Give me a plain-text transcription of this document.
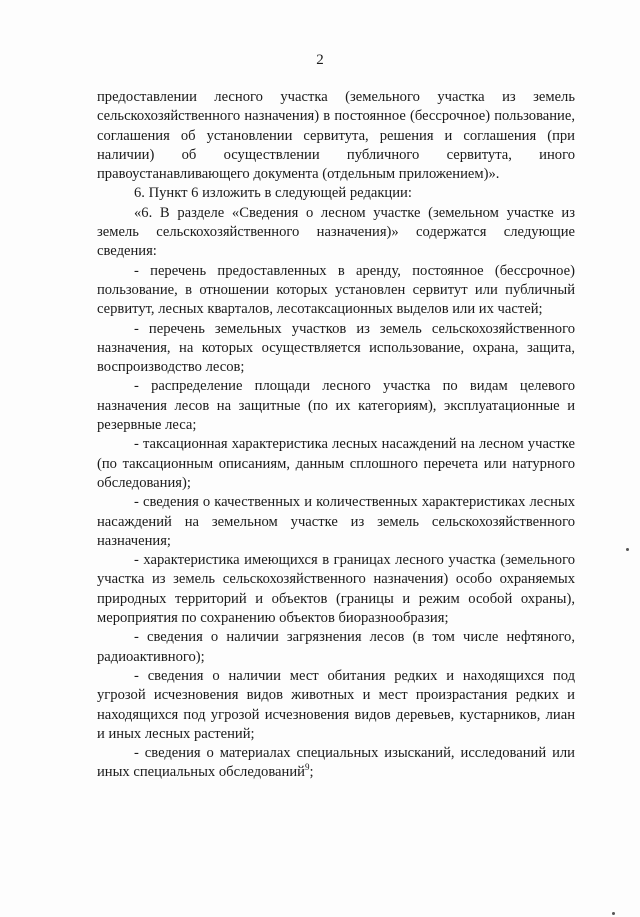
2

предоставлении лесного участка (земельного участка из земель сельскохозяйственного назначения) в постоянное (бессрочное) пользование, соглашения об установлении сервитута, решения и соглашения (при наличии) об осуществлении публичного сервитута, иного правоустанавливающего документа (отдельным приложением)».

6. Пункт 6 изложить в следующей редакции:

«6. В разделе «Сведения о лесном участке (земельном участке из земель сельскохозяйственного назначения)» содержатся следующие сведения:

- перечень предоставленных в аренду, постоянное (бессрочное) пользование, в отношении которых установлен сервитут или публичный сервитут, лесных кварталов, лесотаксационных выделов или их частей;

- перечень земельных участков из земель сельскохозяйственного назначения, на которых осуществляется использование, охрана, защита, воспроизводство лесов;

- распределение площади лесного участка по видам целевого назначения лесов на защитные (по их категориям), эксплуатационные и резервные леса;

- таксационная характеристика лесных насаждений на лесном участке (по таксационным описаниям, данным сплошного перечета или натурного обследования);

- сведения о качественных и количественных характеристиках лесных насаждений на земельном участке из земель сельскохозяйственного назначения;

- характеристика имеющихся в границах лесного участка (земельного участка из земель сельскохозяйственного назначения) особо охраняемых природных территорий и объектов (границы и режим особой охраны), мероприятия по сохранению объектов биоразнообразия;

- сведения о наличии загрязнения лесов (в том числе нефтяного, радиоактивного);

- сведения о наличии мест обитания редких и находящихся под угрозой исчезновения видов животных и мест произрастания редких и находящихся под угрозой исчезновения видов деревьев, кустарников, лиан и иных лесных растений;

- сведения о материалах специальных изысканий, исследований или иных специальных обследований$^9$;
